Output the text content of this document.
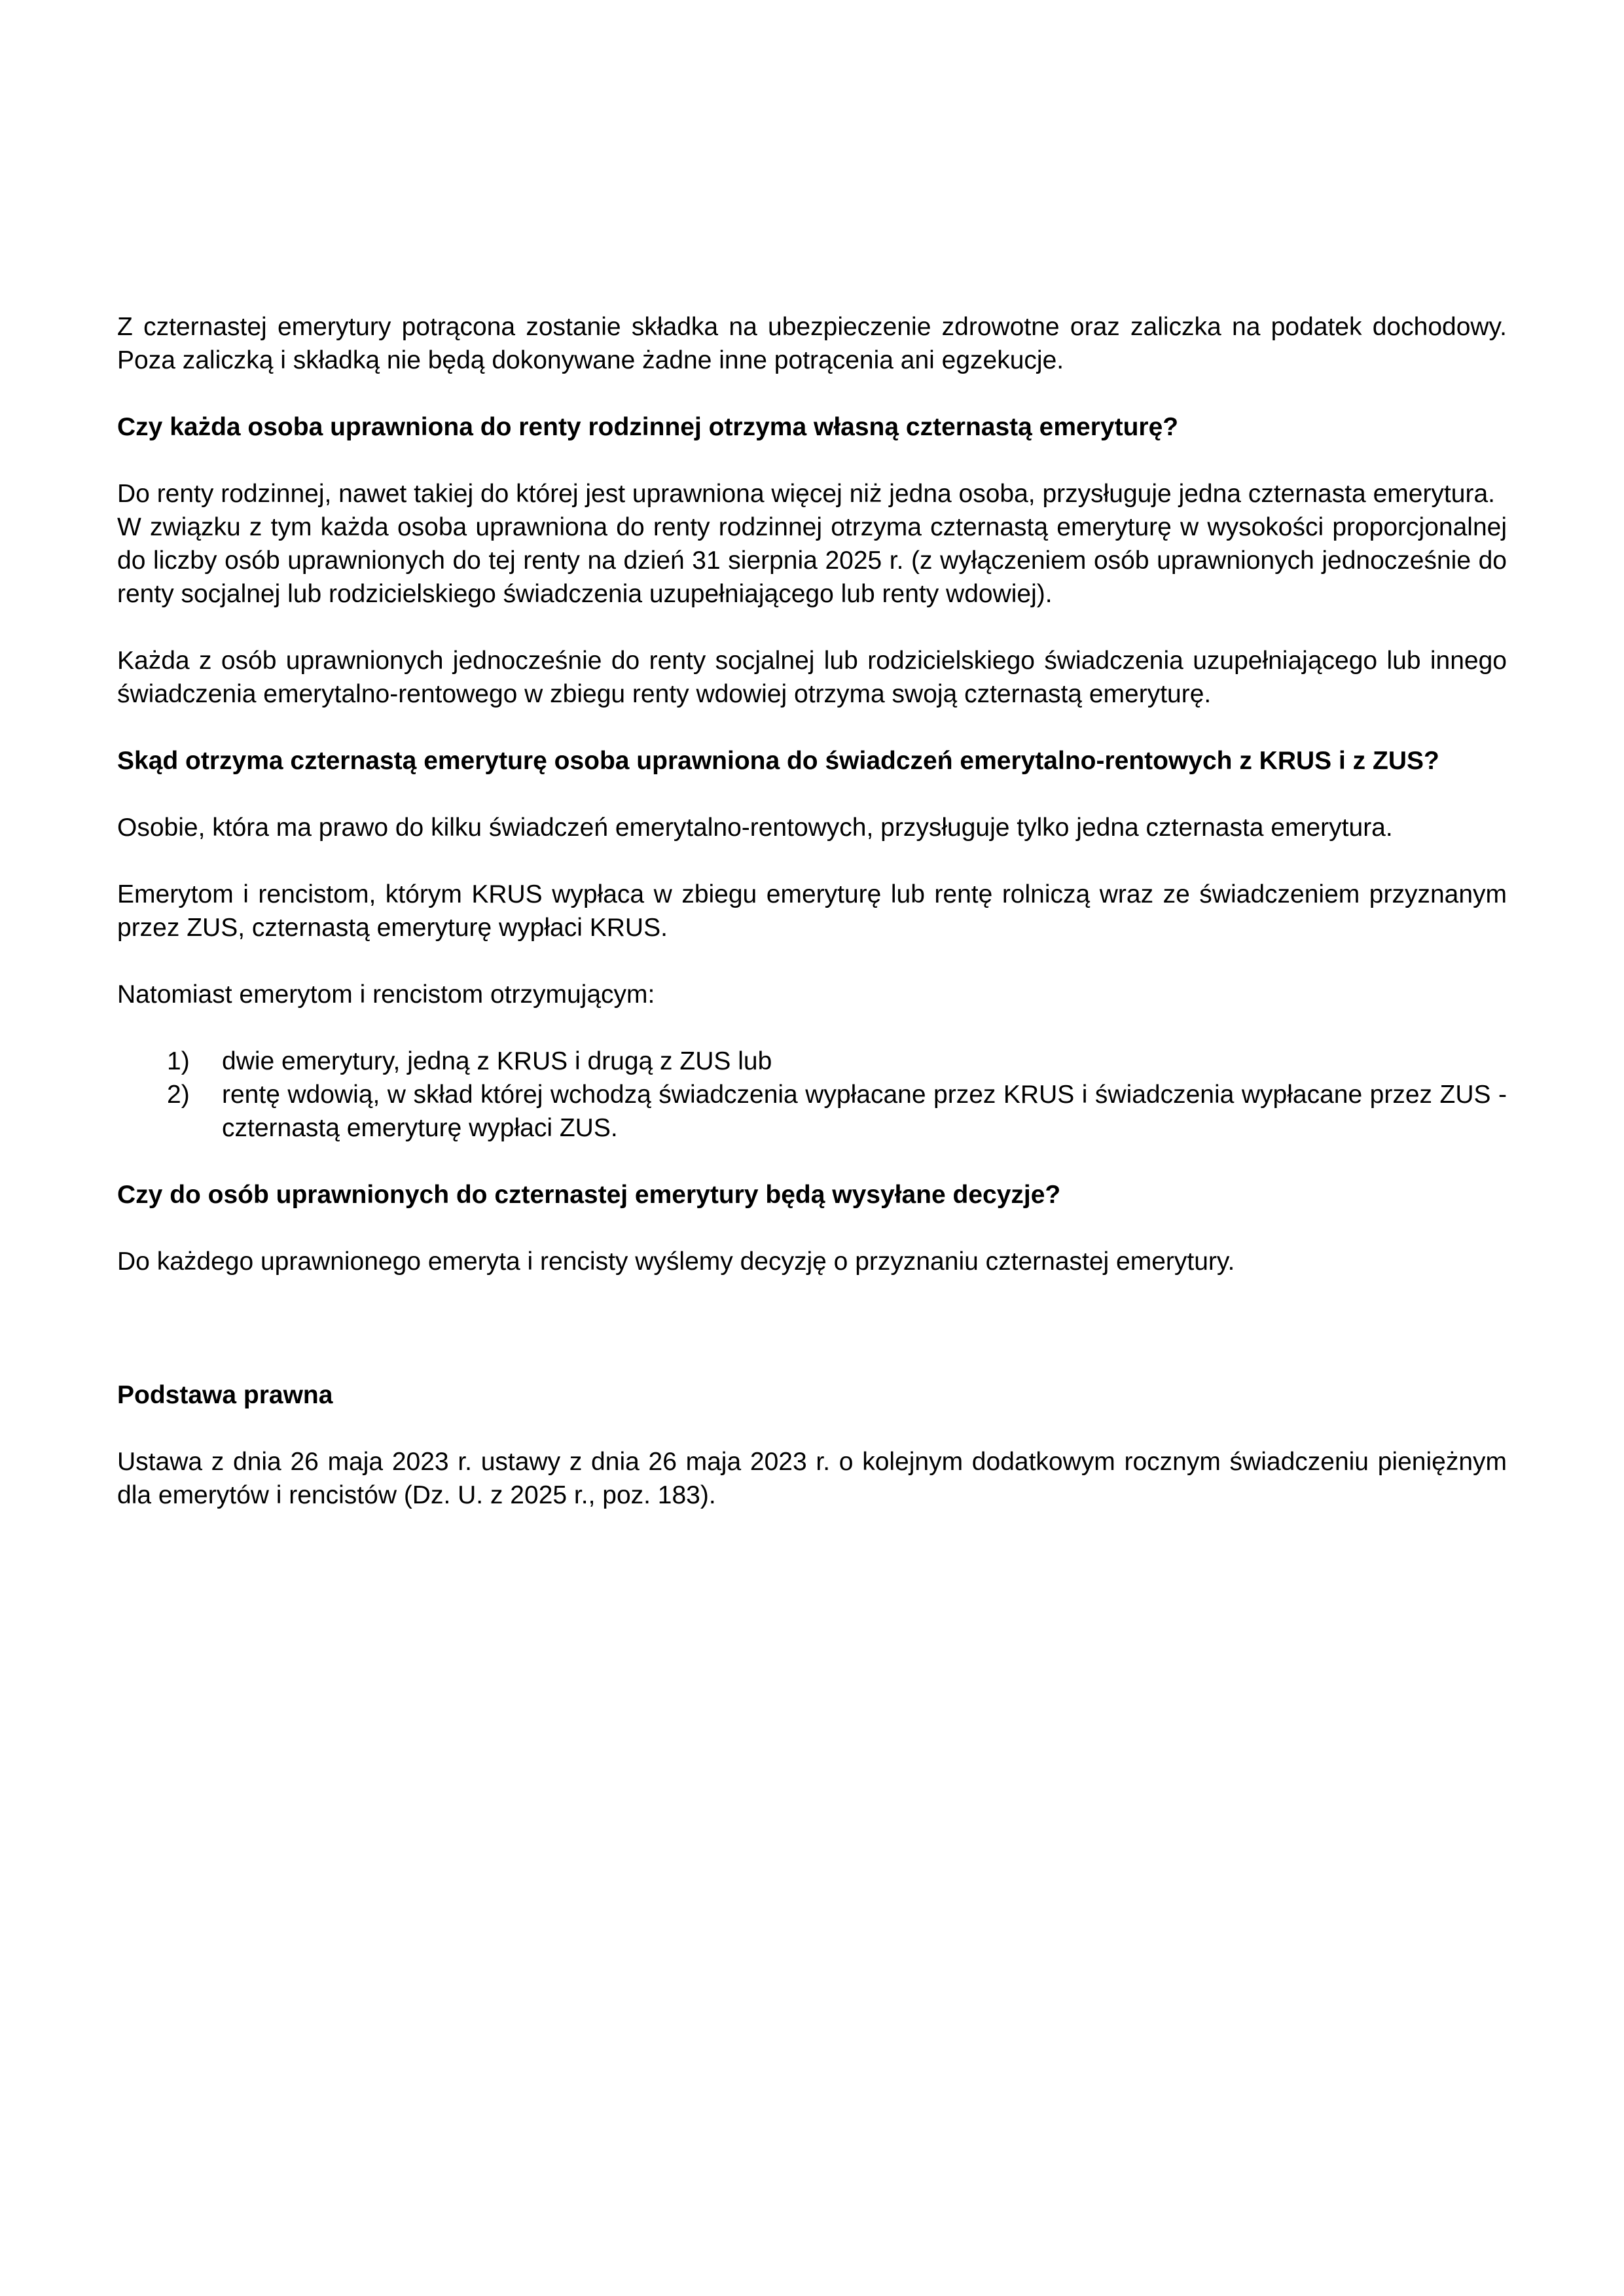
Z czternastej emerytury potrącona zostanie składka na ubezpieczenie zdrowotne oraz zaliczka na podatek dochodowy. Poza zaliczką i składką nie będą dokonywane żadne inne potrącenia ani egzekucje.

Czy każda osoba uprawniona do renty rodzinnej otrzyma własną czternastą emeryturę?

Do renty rodzinnej, nawet takiej do której jest uprawniona więcej niż jedna osoba, przysługuje jedna czternasta emerytura.

W związku z tym każda osoba uprawniona do renty rodzinnej otrzyma czternastą emeryturę w wysokości proporcjonalnej do liczby osób uprawnionych do tej renty na dzień 31 sierpnia 2025 r. (z wyłączeniem osób uprawnionych jednocześnie do renty socjalnej lub rodzicielskiego świadczenia uzupełniającego lub renty wdowiej).

Każda z osób uprawnionych jednocześnie do renty socjalnej lub rodzicielskiego świadczenia uzupełniającego lub innego świadczenia emerytalno-rentowego w zbiegu renty wdowiej otrzyma swoją czternastą emeryturę.

Skąd otrzyma czternastą emeryturę osoba uprawniona do świadczeń emerytalno-rentowych z KRUS i z ZUS?

Osobie, która ma prawo do kilku świadczeń emerytalno-rentowych, przysługuje tylko jedna czternasta emerytura.

Emerytom i rencistom, którym KRUS wypłaca w zbiegu emeryturę lub rentę rolniczą wraz ze świadczeniem przyznanym przez ZUS, czternastą emeryturę wypłaci KRUS.

Natomiast emerytom i rencistom otrzymującym:

1) dwie emerytury, jedną z KRUS i drugą z ZUS lub
2) rentę wdowią, w skład której wchodzą świadczenia wypłacane przez KRUS i świadczenia wypłacane przez ZUS - czternastą emeryturę wypłaci ZUS.

Czy do osób uprawnionych do czternastej emerytury będą wysyłane decyzje?

Do każdego uprawnionego emeryta i rencisty wyślemy decyzję o przyznaniu czternastej emerytury.

Podstawa prawna

Ustawa z dnia 26 maja 2023 r. ustawy z dnia 26 maja 2023 r. o kolejnym dodatkowym rocznym świadczeniu pieniężnym dla emerytów i rencistów (Dz. U. z 2025 r., poz. 183).
